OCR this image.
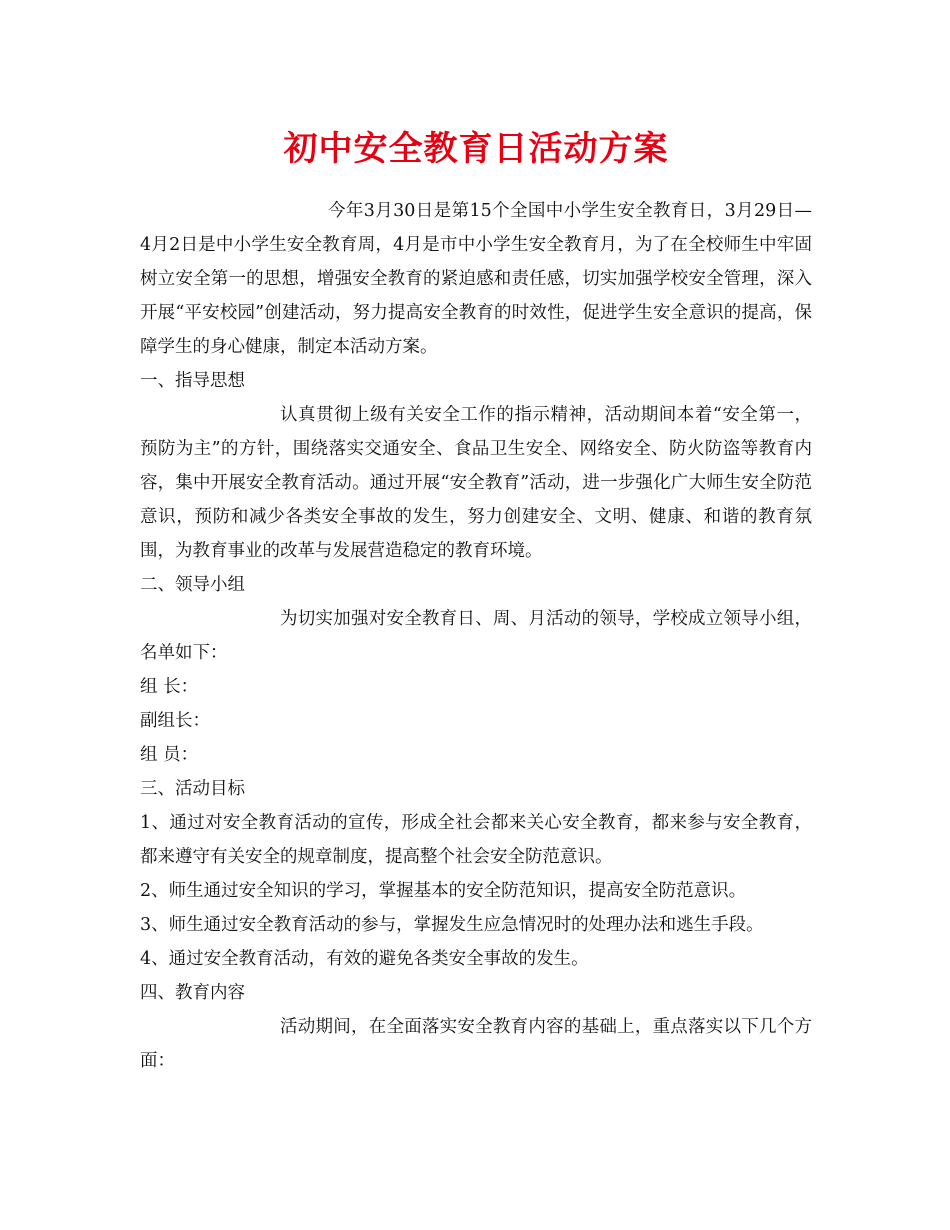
初中安全教育日活动方案

今年3月30日是第15个全国中小学生安全教育日，3月29日—4月2日是中小学生安全教育周，4月是市中小学生安全教育月，为了在全校师生中牢固树立安全第一的思想，增强安全教育的紧迫感和责任感，切实加强学校安全管理，深入开展“平安校园”创建活动，努力提高安全教育的时效性，促进学生安全意识的提高，保障学生的身心健康，制定本活动方案。

一、指导思想

认真贯彻上级有关安全工作的指示精神，活动期间本着“安全第一，预防为主”的方针，围绕落实交通安全、食品卫生安全、网络安全、防火防盗等教育内容，集中开展安全教育活动。通过开展“安全教育”活动，进一步强化广大师生安全防范意识，预防和减少各类安全事故的发生，努力创建安全、文明、健康、和谐的教育氛围，为教育事业的改革与发展营造稳定的教育环境。

二、领导小组

为切实加强对安全教育日、周、月活动的领导，学校成立领导小组，名单如下：

组 长：

副组长：

组 员：

三、活动目标

1、通过对安全教育活动的宣传，形成全社会都来关心安全教育，都来参与安全教育，都来遵守有关安全的规章制度，提高整个社会安全防范意识。

2、师生通过安全知识的学习，掌握基本的安全防范知识，提高安全防范意识。

3、师生通过安全教育活动的参与，掌握发生应急情况时的处理办法和逃生手段。

4、通过安全教育活动，有效的避免各类安全事故的发生。

四、教育内容

活动期间，在全面落实安全教育内容的基础上，重点落实以下几个方面：
